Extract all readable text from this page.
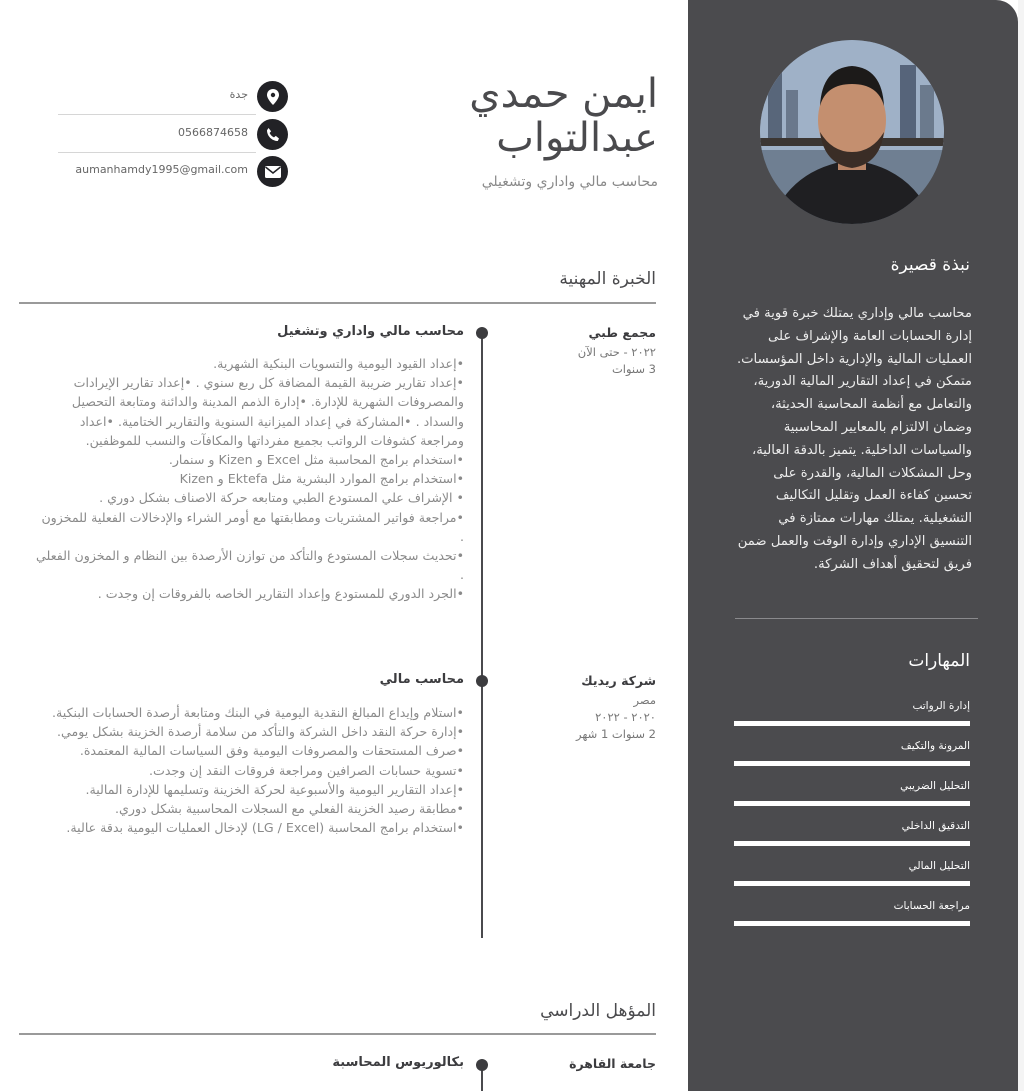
نبذة قصيرة
محاسب مالي وإداري يمتلك خبرة قوية في إدارة الحسابات العامة والإشراف على العمليات المالية والإدارية داخل المؤسسات. متمكن في إعداد التقارير المالية الدورية، والتعامل مع أنظمة المحاسبة الحديثة، وضمان الالتزام بالمعايير المحاسبية والسياسات الداخلية. يتميز بالدقة العالية، وحل المشكلات المالية، والقدرة على تحسين كفاءة العمل وتقليل التكاليف التشغيلية. يمتلك مهارات ممتازة في التنسيق الإداري وإدارة الوقت والعمل ضمن فريق لتحقيق أهداف الشركة.
المهارات
إدارة الرواتب
المرونة والتكيف
التحليل الضريبي
التدقيق الداخلي
التحليل المالي
مراجعة الحسابات
ايمن حمدي
عبدالتواب
محاسب مالي واداري وتشغيلي
جدة
0566874658
aumanhamdy1995@gmail.com
الخبرة المهنية
محاسب مالي واداري وتشغيل	مجمع طبي
٢٠٢٢ - حتى الآن
3 سنوات
•إعداد القيود اليومية والتسويات البنكية الشهرية.
•إعداد تقارير ضريبة القيمة المضافة كل ربع سنوي . •إعداد تقارير الإيرادات والمصروفات الشهرية للإدارة. •إدارة الذمم المدينة والدائنة ومتابعة التحصيل والسداد . •المشاركة في إعداد الميزانية السنوية والتقارير الختامية. •اعداد ومراجعة كشوفات الرواتب بجميع مفرداتها والمكافآت والنسب للموظفين.
•استخدام برامج المحاسبة مثل Excel و Kizen و سنمار.
•استخدام برامج الموارد البشرية مثل Ektefa و Kizen
• الإشراف علي المستودع الطبي ومتابعه حركة الاصناف بشكل دوري .
•مراجعة فواتير المشتريات ومطابقتها مع أومر الشراء والإدخالات الفعلية للمخزون .
•تحديث سجلات المستودع والتأكد من توازن الأرصدة بين النظام و المخزون الفعلي .
•الجرد الدوري للمستودع وإعداد التقارير الخاصه بالفروقات إن وجدت .
محاسب مالي	شركة ريديك
مصر
٢٠٢٠ - ٢٠٢٢
2 سنوات 1 شهر
•استلام وإيداع المبالغ النقدية اليومية في البنك ومتابعة أرصدة الحسابات البنكية.
•إدارة حركة النقد داخل الشركة والتأكد من سلامة أرصدة الخزينة بشكل يومي.
•صرف المستحقات والمصروفات اليومية وفق السياسات المالية المعتمدة.
•تسوية حسابات الصرافين ومراجعة فروقات النقد إن وجدت.
•إعداد التقارير اليومية والأسبوعية لحركة الخزينة وتسليمها للإدارة المالية.
•مطابقة رصيد الخزينة الفعلي مع السجلات المحاسبية بشكل دوري.
•استخدام برامج المحاسبة (LG / Excel) لإدخال العمليات اليومية بدقة عالية.
المؤهل الدراسي
بكالوريوس المحاسبة	جامعة القاهرة
